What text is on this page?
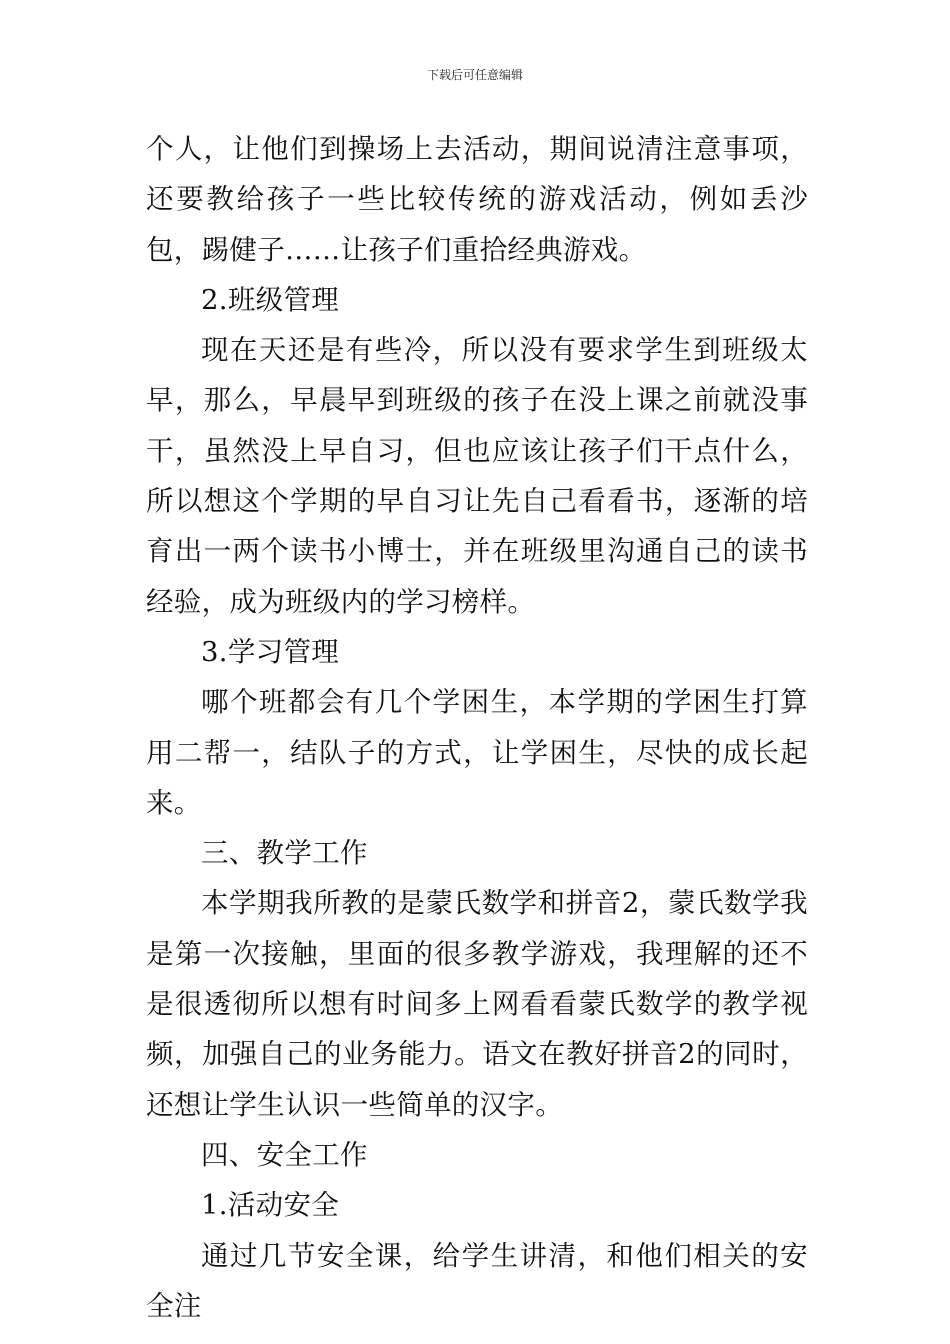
下载后可任意编辑

个人，让他们到操场上去活动，期间说清注意事项，还要教给孩子一些比较传统的游戏活动，例如丢沙包，踢健子……让孩子们重拾经典游戏。

2.班级管理

现在天还是有些冷，所以没有要求学生到班级太早，那么，早晨早到班级的孩子在没上课之前就没事干，虽然没上早自习，但也应该让孩子们干点什么，所以想这个学期的早自习让先自己看看书，逐渐的培育出一两个读书小博士，并在班级里沟通自己的读书经验，成为班级内的学习榜样。

3.学习管理

哪个班都会有几个学困生，本学期的学困生打算用二帮一，结队子的方式，让学困生，尽快的成长起来。

三、教学工作

本学期我所教的是蒙氏数学和拼音2，蒙氏数学我是第一次接触，里面的很多教学游戏，我理解的还不是很透彻所以想有时间多上网看看蒙氏数学的教学视频，加强自己的业务能力。语文在教好拼音2的同时，还想让学生认识一些简单的汉字。

四、安全工作

1.活动安全

通过几节安全课，给学生讲清，和他们相关的安全注
